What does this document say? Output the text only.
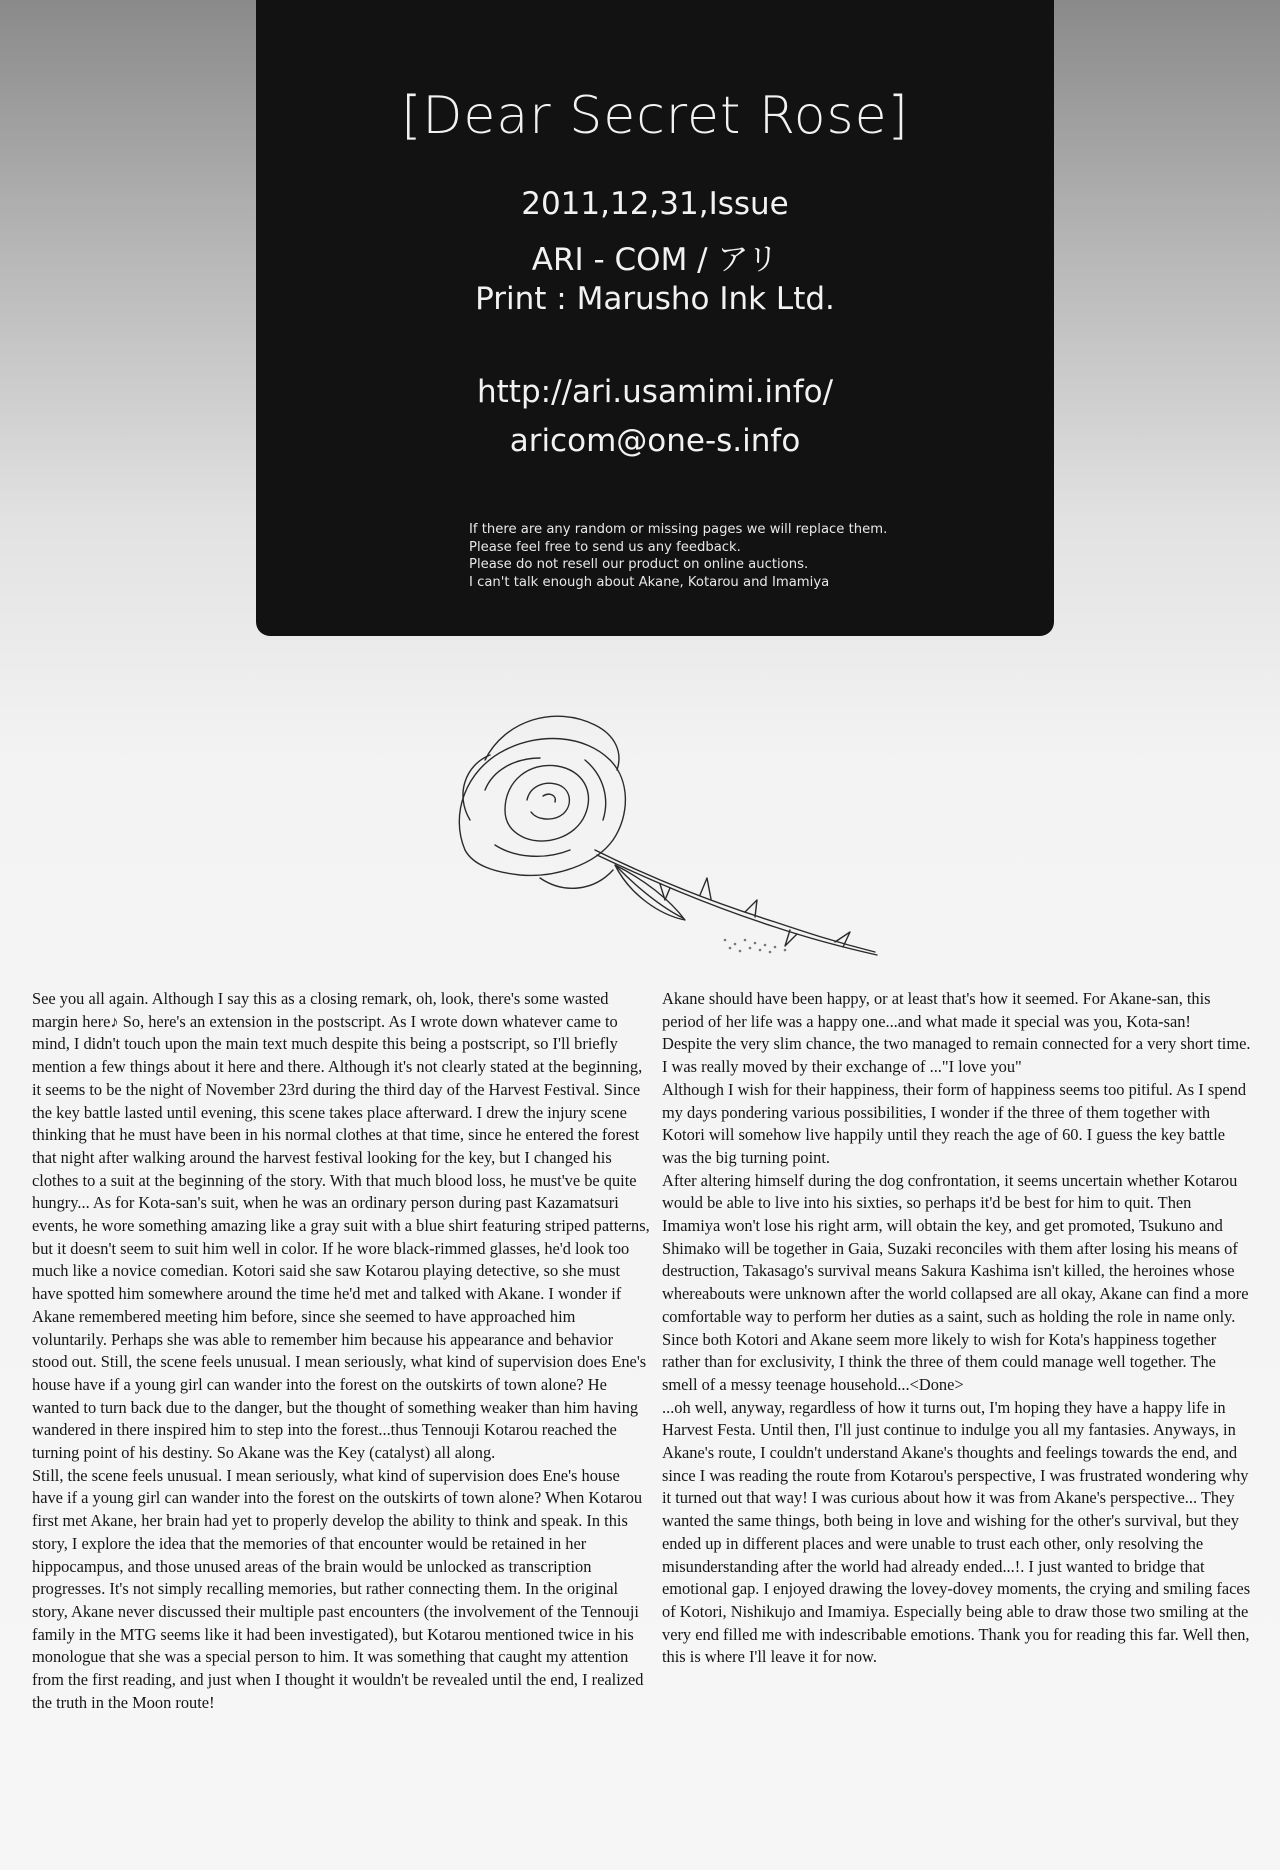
[Dear Secret Rose]
2011,12,31,Issue
ARI - COM / アリ
Print : Marusho Ink Ltd.
http://ari.usamimi.info/
aricom@one-s.info
If there are any random or missing pages we will replace them.
Please feel free to send us any feedback.
Please do not resell our product on online auctions.
I can't talk enough about Akane, Kotarou and Imamiya

See you all again. Although I say this as a closing remark, oh, look, there's some wasted margin here♪ So, here's an extension in the postscript. As I wrote down whatever came to mind, I didn't touch upon the main text much despite this being a postscript, so I'll briefly mention a few things about it here and there. Although it's not clearly stated at the beginning, it seems to be the night of November 23rd during the third day of the Harvest Festival. Since the key battle lasted until evening, this scene takes place afterward. I drew the injury scene thinking that he must have been in his normal clothes at that time, since he entered the forest that night after walking around the harvest festival looking for the key, but I changed his clothes to a suit at the beginning of the story. With that much blood loss, he must've be quite hungry... As for Kota-san's suit, when he was an ordinary person during past Kazamatsuri events, he wore something amazing like a gray suit with a blue shirt featuring striped patterns, but it doesn't seem to suit him well in color. If he wore black-rimmed glasses, he'd look too much like a novice comedian. Kotori said she saw Kotarou playing detective, so she must have spotted him somewhere around the time he'd met and talked with Akane. I wonder if Akane remembered meeting him before, since she seemed to have approached him voluntarily. Perhaps she was able to remember him because his appearance and behavior stood out. Still, the scene feels unusual. I mean seriously, what kind of supervision does Ene's house have if a young girl can wander into the forest on the outskirts of town alone? He wanted to turn back due to the danger, but the thought of something weaker than him having wandered in there inspired him to step into the forest...thus Tennouji Kotarou reached the turning point of his destiny. So Akane was the Key (catalyst) all along.

Still, the scene feels unusual. I mean seriously, what kind of supervision does Ene's house have if a young girl can wander into the forest on the outskirts of town alone? When Kotarou first met Akane, her brain had yet to properly develop the ability to think and speak. In this story, I explore the idea that the memories of that encounter would be retained in her hippocampus, and those unused areas of the brain would be unlocked as transcription progresses. It's not simply recalling memories, but rather connecting them. In the original story, Akane never discussed their multiple past encounters (the involvement of the Tennouji family in the MTG seems like it had been investigated), but Kotarou mentioned twice in his monologue that she was a special person to him. It was something that caught my attention from the first reading, and just when I thought it wouldn't be revealed until the end, I realized the truth in the Moon route!

Akane should have been happy, or at least that's how it seemed. For Akane-san, this period of her life was a happy one...and what made it special was you, Kota-san!

Despite the very slim chance, the two managed to remain connected for a very short time. I was really moved by their exchange of ..."I love you"

Although I wish for their happiness, their form of happiness seems too pitiful. As I spend my days pondering various possibilities, I wonder if the three of them together with Kotori will somehow live happily until they reach the age of 60. I guess the key battle was the big turning point.

After altering himself during the dog confrontation, it seems uncertain whether Kotarou would be able to live into his sixties, so perhaps it'd be best for him to quit. Then Imamiya won't lose his right arm, will obtain the key, and get promoted, Tsukuno and Shimako will be together in Gaia, Suzaki reconciles with them after losing his means of destruction, Takasago's survival means Sakura Kashima isn't killed, the heroines whose whereabouts were unknown after the world collapsed are all okay, Akane can find a more comfortable way to perform her duties as a saint, such as holding the role in name only. Since both Kotori and Akane seem more likely to wish for Kota's happiness together rather than for exclusivity, I think the three of them could manage well together. The smell of a messy teenage household...<Done>

...oh well, anyway, regardless of how it turns out, I'm hoping they have a happy life in Harvest Festa. Until then, I'll just continue to indulge you all my fantasies. Anyways, in Akane's route, I couldn't understand Akane's thoughts and feelings towards the end, and since I was reading the route from Kotarou's perspective, I was frustrated wondering why it turned out that way! I was curious about how it was from Akane's perspective... They wanted the same things, both being in love and wishing for the other's survival, but they ended up in different places and were unable to trust each other, only resolving the misunderstanding after the world had already ended...!. I just wanted to bridge that emotional gap. I enjoyed drawing the lovey-dovey moments, the crying and smiling faces of Kotori, Nishikujo and Imamiya. Especially being able to draw those two smiling at the very end filled me with indescribable emotions. Thank you for reading this far. Well then, this is where I'll leave it for now.
